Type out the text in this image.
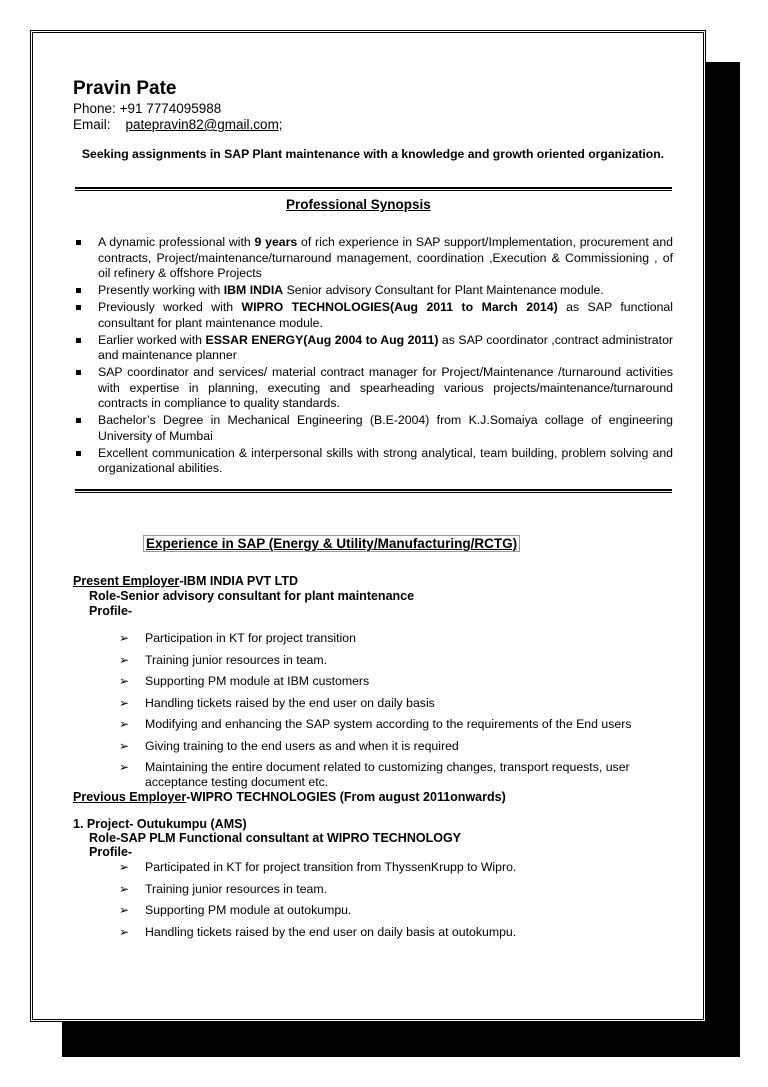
Pravin Pate
Phone: +91 7774095988
Email: patepravin82@gmail.com;
Seeking assignments in SAP Plant maintenance with a knowledge and growth oriented organization.
Professional Synopsis
A dynamic professional with 9 years of rich experience in SAP support/Implementation, procurement and contracts, Project/maintenance/turnaround management, coordination ,Execution & Commissioning , of oil refinery & offshore Projects
Presently working with IBM INDIA Senior advisory Consultant for Plant Maintenance module.
Previously worked with WIPRO TECHNOLOGIES(Aug 2011 to March 2014) as SAP functional consultant for plant maintenance module.
Earlier worked with ESSAR ENERGY(Aug 2004 to Aug 2011) as SAP coordinator ,contract administrator and maintenance planner
SAP coordinator and services/ material contract manager for Project/Maintenance /turnaround activities with expertise in planning, executing and spearheading various projects/maintenance/turnaround contracts in compliance to quality standards.
Bachelor’s Degree in Mechanical Engineering (B.E-2004) from K.J.Somaiya collage of engineering University of Mumbai
Excellent communication & interpersonal skills with strong analytical, team building, problem solving and organizational abilities.
Experience in SAP (Energy & Utility/Manufacturing/RCTG)
Present Employer-IBM INDIA PVT LTD
Role-Senior advisory consultant for plant maintenance
Profile-
➢ Participation in KT for project transition
➢ Training junior resources in team.
➢ Supporting PM module at IBM customers
➢ Handling tickets raised by the end user on daily basis
➢ Modifying and enhancing the SAP system according to the requirements of the End users
➢ Giving training to the end users as and when it is required
➢ Maintaining the entire document related to customizing changes, transport requests, user acceptance testing document etc.
Previous Employer-WIPRO TECHNOLOGIES (From august 2011onwards)
1. Project- Outukumpu (AMS)
Role-SAP PLM Functional consultant at WIPRO TECHNOLOGY
Profile-
➢ Participated in KT for project transition from ThyssenKrupp to Wipro.
➢ Training junior resources in team.
➢ Supporting PM module at outokumpu.
➢ Handling tickets raised by the end user on daily basis at outokumpu.
